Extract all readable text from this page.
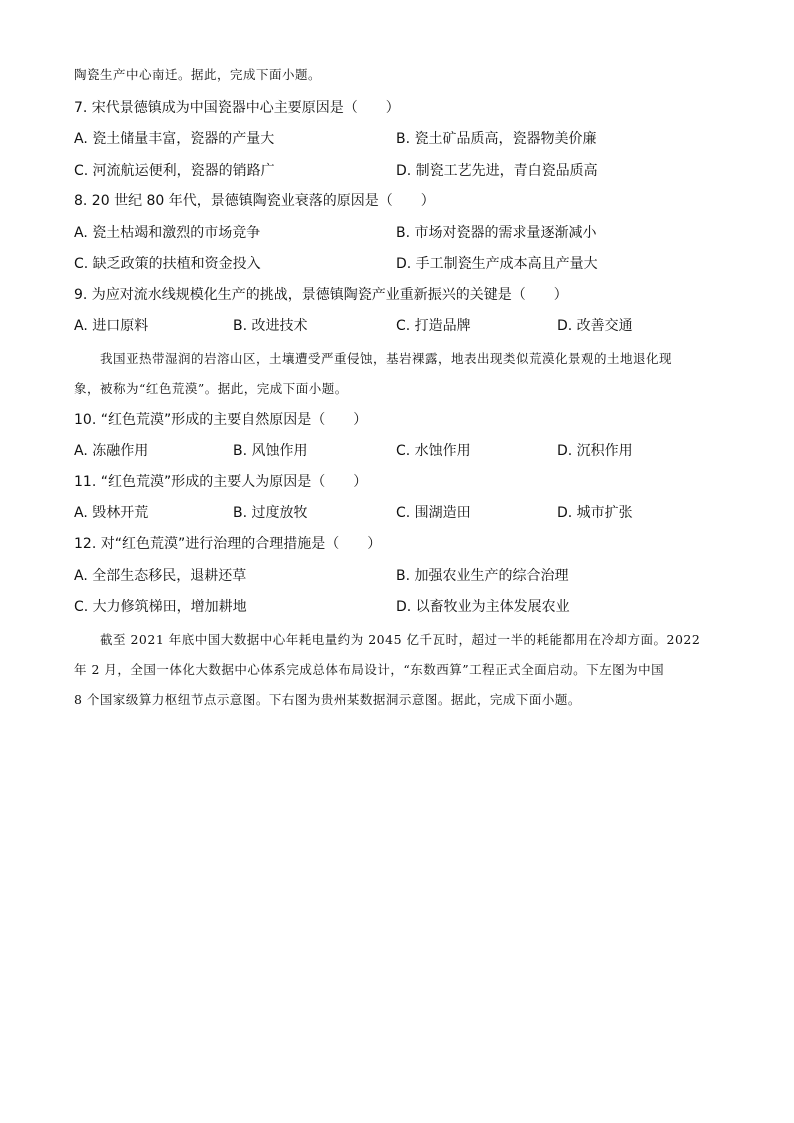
陶瓷生产中心南迁。据此，完成下面小题。
7. 宋代景德镇成为中国瓷器中心主要原因是（　　）
A. 瓷土储量丰富，瓷器的产量大	B. 瓷土矿品质高，瓷器物美价廉
C. 河流航运便利，瓷器的销路广	D. 制瓷工艺先进，青白瓷品质高
8. 20 世纪 80 年代，景德镇陶瓷业衰落的原因是（　　）
A. 瓷土枯竭和激烈的市场竞争	B. 市场对瓷器的需求量逐渐减小
C. 缺乏政策的扶植和资金投入	D. 手工制瓷生产成本高且产量大
9. 为应对流水线规模化生产的挑战，景德镇陶瓷产业重新振兴的关键是（　　）
A. 进口原料	B. 改进技术	C. 打造品牌	D. 改善交通
我国亚热带湿润的岩溶山区，土壤遭受严重侵蚀，基岩裸露，地表出现类似荒漠化景观的土地退化现
象，被称为“红色荒漠”。据此，完成下面小题。
10. “红色荒漠”形成的主要自然原因是（　　）
A. 冻融作用	B. 风蚀作用	C. 水蚀作用	D. 沉积作用
11. “红色荒漠”形成的主要人为原因是（　　）
A. 毁林开荒	B. 过度放牧	C. 围湖造田	D. 城市扩张
12. 对“红色荒漠”进行治理的合理措施是（　　）
A. 全部生态移民，退耕还草	B. 加强农业生产的综合治理
C. 大力修筑梯田，增加耕地	D. 以畜牧业为主体发展农业
截至 2021 年底中国大数据中心年耗电量约为 2045 亿千瓦时，超过一半的耗能都用在冷却方面。2022
年 2 月，全国一体化大数据中心体系完成总体布局设计，“东数西算”工程正式全面启动。下左图为中国
8 个国家级算力枢纽节点示意图。下右图为贵州某数据洞示意图。据此，完成下面小题。
